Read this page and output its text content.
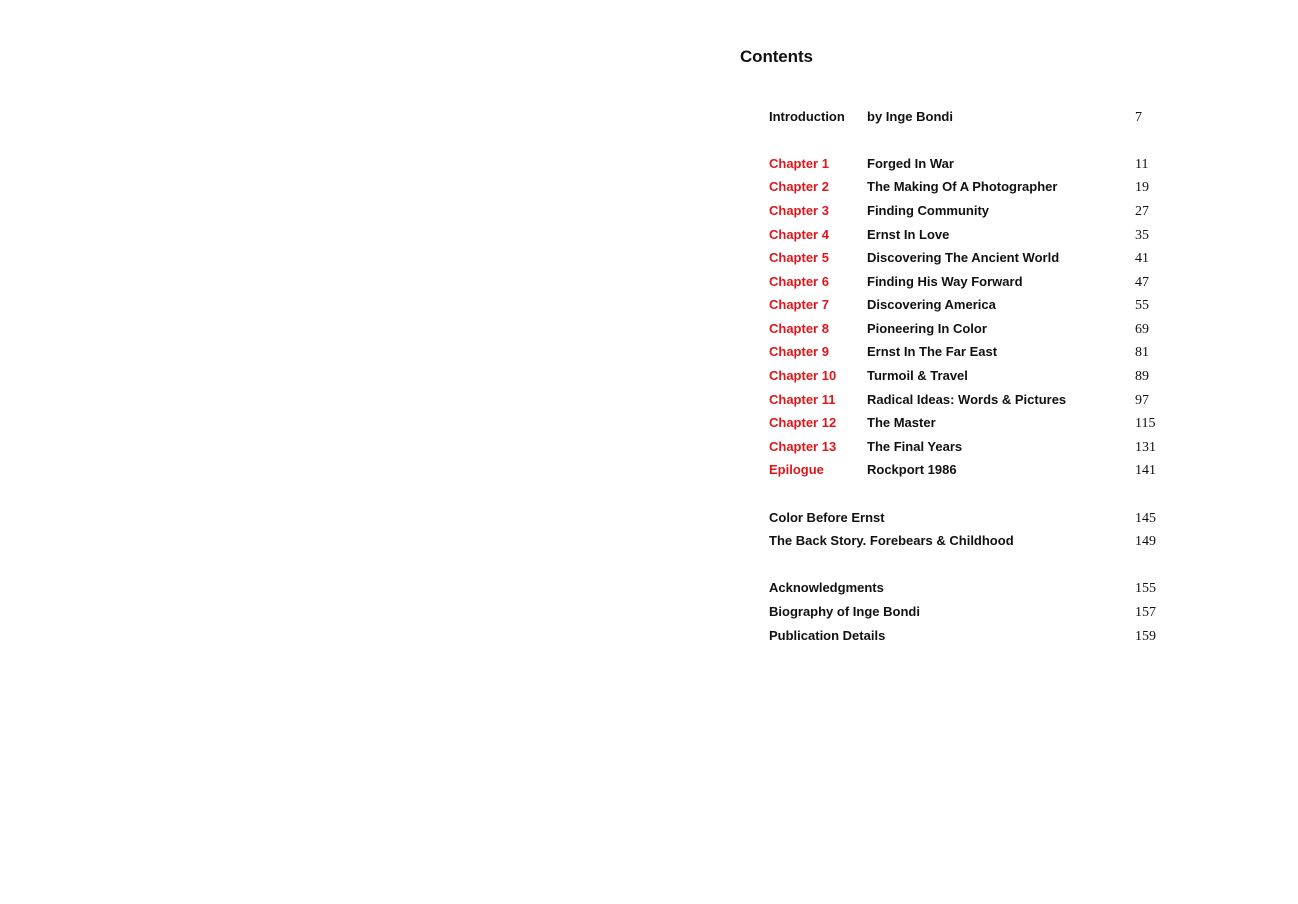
Contents
Introduction by Inge Bondi	7
Chapter 1	Forged In War	11
Chapter 2	The Making Of A Photographer	19
Chapter 3	Finding Community	27
Chapter 4	Ernst In Love	35
Chapter 5	Discovering The Ancient World	41
Chapter 6	Finding His Way Forward	47
Chapter 7	Discovering America	55
Chapter 8	Pioneering In Color	69
Chapter 9	Ernst In The Far East	81
Chapter 10 Turmoil & Travel	89
Chapter 11 Radical Ideas: Words & Pictures	97
Chapter 12 The Master	115
Chapter 13 The Final Years	131
Epilogue	Rockport 1986	141
Color Before Ernst	145
The Back Story. Forebears & Childhood	149
Acknowledgments	155
Biography of Inge Bondi	157
Publication Details	159
